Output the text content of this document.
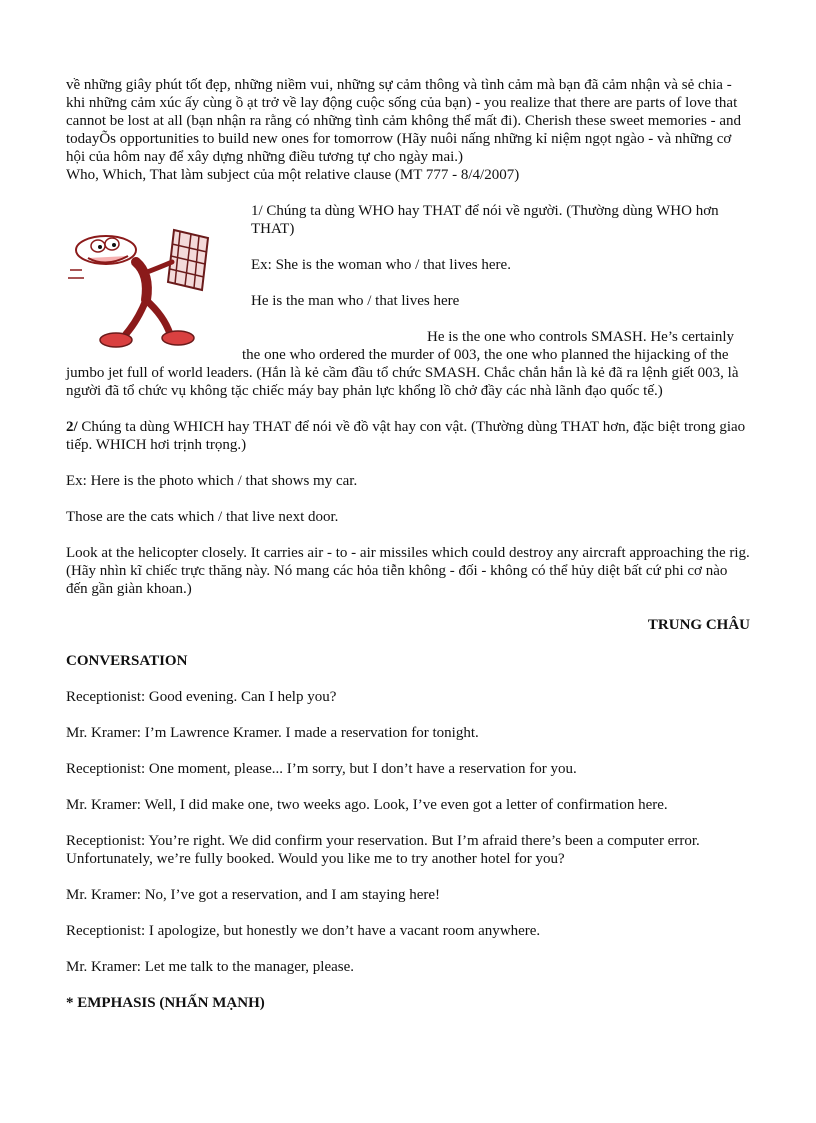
về những giây phút tốt đẹp, những niềm vui, những sự cảm thông và tình cảm mà bạn đã cảm nhận và sẻ chia - khi những cảm xúc ấy cùng ồ ạt trở về lay động cuộc sống của bạn) - you realize that there are parts of love that cannot be lost at all (bạn nhận ra rằng có những tình cảm không thể mất đi). Cherish these sweet memories - and todayÕs opportunities to build new ones for tomorrow (Hãy nuôi nấng những kỉ niệm ngọt ngào - và những cơ hội của hôm nay để xây dựng những điều tương tự cho ngày mai.)

Who, Which, That làm subject của một relative clause (MT 777 - 8/4/2007)

1/ Chúng ta dùng WHO hay THAT để nói về người. (Thường dùng WHO hơn THAT)

Ex: She is the woman who / that lives here.

He is the man who / that lives here

He is the one who controls SMASH. He’s certainly the one who ordered the murder of 003, the one who planned the hijacking of the jumbo jet full of world leaders. (Hắn là kẻ cầm đầu tổ chức SMASH. Chắc chắn hắn là kẻ đã ra lệnh giết 003, là người đã tổ chức vụ không tặc chiếc máy bay phản lực khổng lồ chở đầy các nhà lãnh đạo quốc tế.)

2/ Chúng ta dùng WHICH hay THAT để nói về đồ vật hay con vật. (Thường dùng THAT hơn, đặc biệt trong giao tiếp. WHICH hơi trịnh trọng.)

Ex: Here is the photo which / that shows my car.

Those are the cats which / that live next door.

Look at the helicopter closely. It carries air - to - air missiles which could destroy any aircraft approaching the rig. (Hãy nhìn kĩ chiếc trực thăng này. Nó mang các hỏa tiễn không - đối - không có thể hủy diệt bất cứ phi cơ nào đến gần giàn khoan.)

TRUNG CHÂU

CONVERSATION

Receptionist: Good evening. Can I help you?

Mr. Kramer: I’m Lawrence Kramer. I made a reservation for tonight.

Receptionist: One moment, please... I’m sorry, but I don’t have a reservation for you.

Mr. Kramer: Well, I did make one, two weeks ago. Look, I’ve even got a letter of confirmation here.

Receptionist: You’re right. We did confirm your reservation. But I’m afraid there’s been a computer error. Unfortunately, we’re fully booked. Would you like me to try another hotel for you?

Mr. Kramer: No, I’ve got a reservation, and I am staying here!

Receptionist: I apologize, but honestly we don’t have a vacant room anywhere.

Mr. Kramer: Let me talk to the manager, please.

* EMPHASIS (NHẤN MẠNH)
